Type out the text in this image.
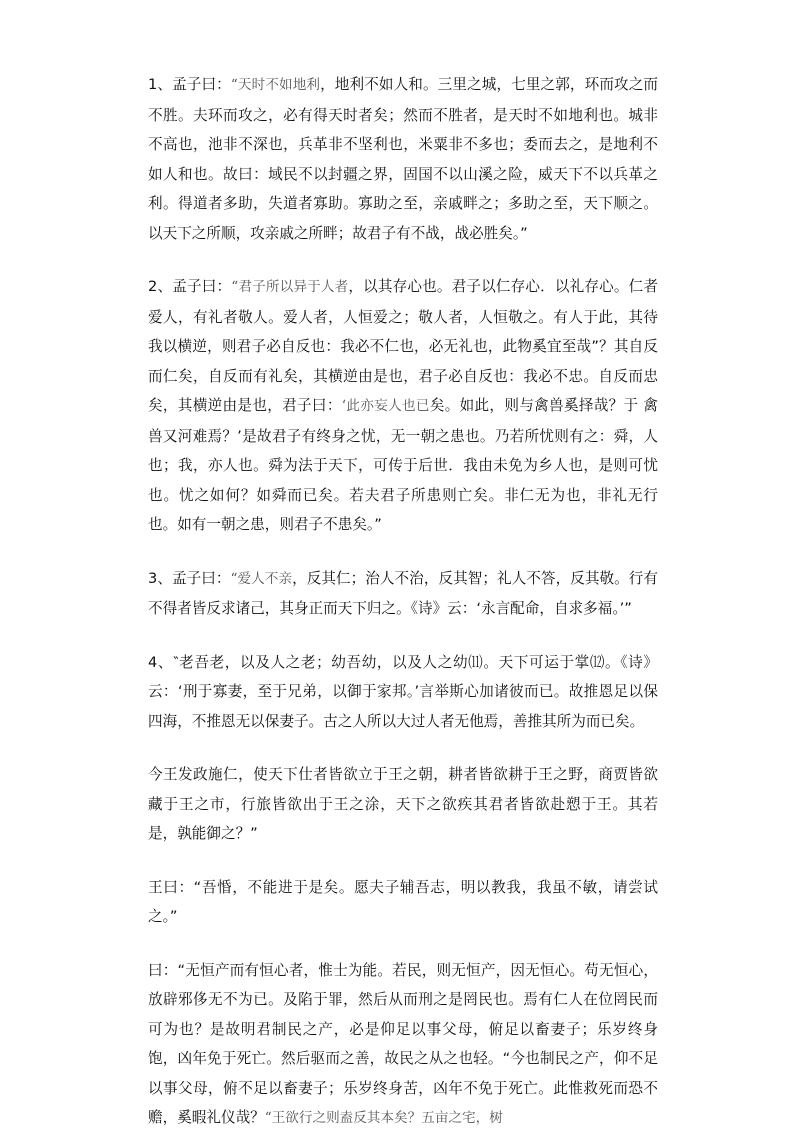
1、孟子曰：“天时不如地利，地利不如人和。三里之城，七里之郭，环而攻之而不胜。夫环而攻之，必有得天时者矣；然而不胜者，是天时不如地利也。城非不高也，池非不深也，兵革非不坚利也，米粟非不多也；委而去之，是地利不如人和也。故曰：域民不以封疆之界，固国不以山溪之险，威天下不以兵革之利。得道者多助，失道者寡助。寡助之至，亲戚畔之；多助之至，天下顺之。以天下之所顺，攻亲戚之所畔；故君子有不战，战必胜矣。”

2、孟子曰：“君子所以异于人者，以其存心也。君子以仁存心．以礼存心。仁者爱人，有礼者敬人。爱人者，人恒爱之；敬人者，人恒敬之。有人于此，其待我以横逆，则君子必自反也：我必不仁也，必无礼也，此物奚宜至哉”？其自反而仁矣，自反而有礼矣，其横逆由是也，君子必自反也：我必不忠。自反而忠矣，其横逆由是也，君子曰：‘此亦妄人也已矣。如此，则与禽兽奚择哉？于 禽兽又河难焉？’是故君子有终身之忧，无一朝之患也。乃若所忧则有之：舜，人也；我，亦人也。舜为法于天下，可传于后世．我由未免为乡人也，是则可忧也。忧之如何？如舜而已矣。若夫君子所患则亡矣。非仁无为也，非礼无行也。如有一朝之患，则君子不患矣。”

3、孟子曰：“爱人不亲，反其仁；治人不治，反其智；礼人不答，反其敬。行有不得者皆反求诸己，其身正而天下归之。《诗》云：‘永言配命，自求多福。’”

4、‶老吾老，以及人之老；幼吾幼，以及人之幼⑾。天下可运于掌⑿。《诗》云：‘刑于寡妻，至于兄弟，以御于家邦。’言举斯心加诸彼而已。故推恩足以保四海，不推恩无以保妻子。古之人所以大过人者无他焉，善推其所为而已矣。

今王发政施仁，使天下仕者皆欲立于王之朝，耕者皆欲耕于王之野，商贾皆欲藏于王之市，行旅皆欲出于王之涂，天下之欲疾其君者皆欲赴愬于王。其若是，孰能御之？”

王曰：“吾惛，不能进于是矣。愿夫子辅吾志，明以教我，我虽不敏，请尝试之。”

曰：“无恒产而有恒心者，惟士为能。若民，则无恒产，因无恒心。苟无恒心，放辟邪侈无不为已。及陷于罪，然后从而刑之是罔民也。焉有仁人在位罔民而可为也？是故明君制民之产，必是仰足以事父母，俯足以畜妻子；乐岁终身饱，凶年免于死亡。然后驱而之善，故民之从之也轻。“今也制民之产，仰不足以事父母，俯不足以畜妻子；乐岁终身苦，凶年不免于死亡。此惟救死而恐不赡，奚暇礼仪哉？“王欲行之则盍反其本矣？五亩之宅，树
